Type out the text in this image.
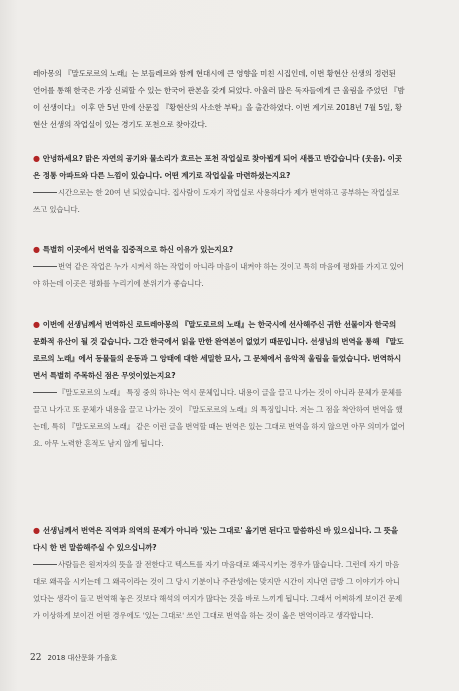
레아몽의 『말도로르의 노래』는 보들레르와 함께 현대시에 큰 영향을 미친 시집인데, 이번 황현산 선생의 정련된 언어를 통해 한국은 가장 신뢰할 수 있는 한국어 판본을 갖게 되었다. 아울러 많은 독자들에게 큰 울림을 주었던 『밤이 선생이다』 이후 만 5년 만에 산문집 『황현산의 사소한 부탁』을 출간하였다. 이번 계기로 2018년 7월 5일, 황현산 선생의 작업실이 있는 경기도 포천으로 찾아갔다.
● 안녕하세요? 맑은 자연의 공기와 물소리가 흐르는 포천 작업실로 찾아뵙게 되어 새롭고 반갑습니다 (웃음). 이곳은 정통 아파트와 다른 느낌이 있습니다. 어떤 계기로 작업실을 마련하셨는지요?
시간으로는 한 20여 년 되었습니다. 집사람이 도자기 작업실로 사용하다가 제가 번역하고 공부하는 작업실로 쓰고 있습니다.
● 특별히 이곳에서 번역을 집중적으로 하신 이유가 있는지요?
번역 같은 작업은 누가 시켜서 하는 작업이 아니라 마음이 내켜야 하는 것이고 특히 마음에 평화를 가지고 있어야 하는데 이곳은 평화를 누리기에 분위기가 좋습니다.
● 이번에 선생님께서 번역하신 로트레아몽의 『말도로르의 노래』는 한국시에 선사해주신 귀한 선물이자 한국의 문화적 유산이 될 것 같습니다. 그간 한국에서 읽을 만한 완역본이 없었기 때문입니다. 선생님의 번역을 통해 『말도로르의 노래』에서 동물들의 운동과 그 앙태에 대한 세밀한 묘사, 그 문체에서 음악적 울림을 들었습니다. 번역하시면서 특별히 주목하신 점은 무엇이었는지요?
『말도로르의 노래』 특징 중의 하나는 역시 문체입니다. 내용이 글을 끌고 나가는 것이 아니라 문체가 문체를 끌고 나가고 또 문체가 내용을 끌고 나가는 것이 『말도로르의 노래』의 특징입니다. 저는 그 점을 착안하여 번역을 했는데, 특히 『말도로르의 노래』 같은 이런 글을 번역할 때는 번역은 있는 그대로 번역을 하지 않으면 아무 의미가 없어요. 아무 노력한 흔적도 남지 않게 됩니다.
● 선생님께서 번역은 직역과 의역의 문제가 아니라 '있는 그대로' 옮기면 된다고 말씀하신 바 있으십니다. 그 뜻을 다시 한 번 말씀해주실 수 있으십니까?
사람들은 원저자의 뜻을 잘 전한다고 텍스트를 자기 마음대로 왜곡시키는 경우가 많습니다. 그런데 자기 마음대로 왜곡을 시키는데 그 왜곡이라는 것이 그 당시 기분이나 주관성에는 맞지만 시간이 지나면 금방 그 이야기가 아니었다는 생각이 들고 번역해 놓은 것보다 해석의 여지가 많다는 것을 바로 느끼게 됩니다. 그래서 어쩌하게 보이건 문제가 이상하게 보이건 어떤 경우에도 '있는 그대로' 쓰인 그대로 번역을 하는 것이 옳은 번역이라고 생각합니다.
22 2018 대산문화 가을호
